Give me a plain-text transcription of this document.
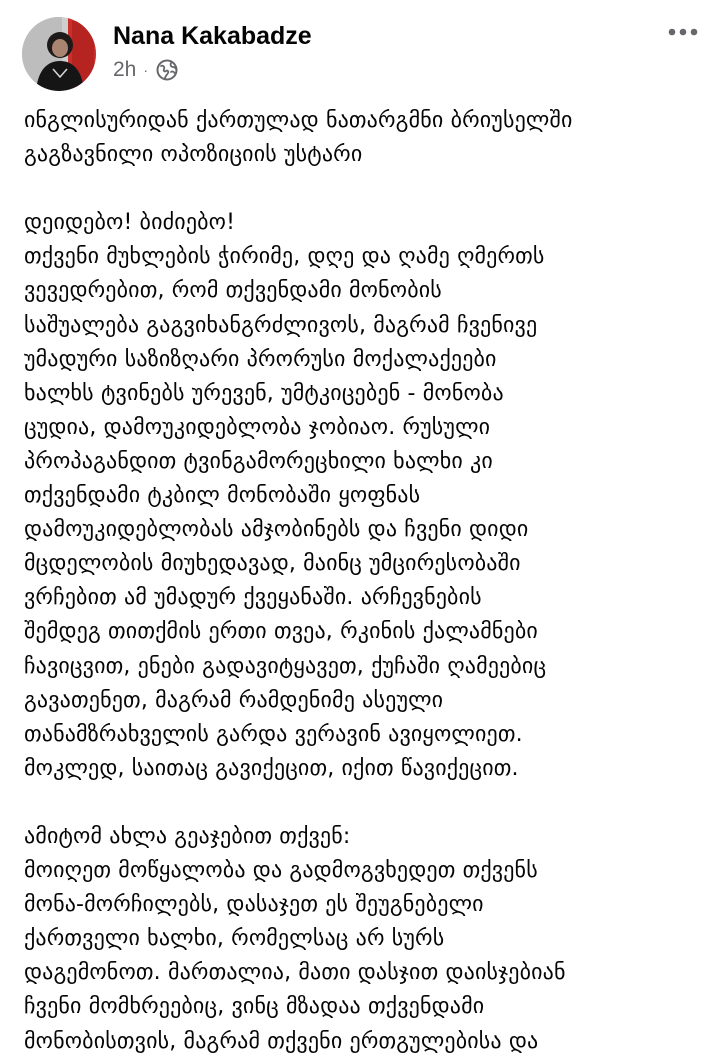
Nana Kakabadze
2h ·
ინგლისურიდან ქართულად ნათარგმნი ბრიუსელში
გაგზავნილი ოპოზიციის უსტარი

დეიდებო! ბიძიებო!
თქვენი მუხლების ჭირიმე, დღე და ღამე ღმერთს
ვევედრებით, რომ თქვენდამი მონობის
საშუალება გაგვიხანგრძლივოს, მაგრამ ჩვენივე
უმადური საზიზღარი პრორუსი მოქალაქეები
ხალხს ტვინებს ურევენ, უმტკიცებენ - მონობა
ცუდია, დამოუკიდებლობა ჯობიაო. რუსული
პროპაგანდით ტვინგამორეცხილი ხალხი კი
თქვენდამი ტკბილ მონობაში ყოფნას
დამოუკიდებლობას ამჯობინებს და ჩვენი დიდი
მცდელობის მიუხედავად, მაინც უმცირესობაში
ვრჩებით ამ უმადურ ქვეყანაში. არჩევნების
შემდეგ თითქმის ერთი თვეა, რკინის ქალამნები
ჩავიცვით, ენები გადავიტყავეთ, ქუჩაში ღამეებიც
გავათენეთ, მაგრამ რამდენიმე ასეული
თანამზრახველის გარდა ვერავინ ავიყოლიეთ.
მოკლედ, საითაც გავიქეცით, იქით წავიქეცით.

ამიტომ ახლა გეაჯებით თქვენ:
მოიღეთ მოწყალობა და გადმოგვხედეთ თქვენს
მონა-მორჩილებს, დასაჯეთ ეს შეუგნებელი
ქართველი ხალხი, რომელსაც არ სურს
დაგემონოთ. მართალია, მათი დასჯით დაისჯებიან
ჩვენი მომხრეებიც, ვინც მზადაა თქვენდამი
მონობისთვის, მაგრამ თქვენი ერთგულებისა და
